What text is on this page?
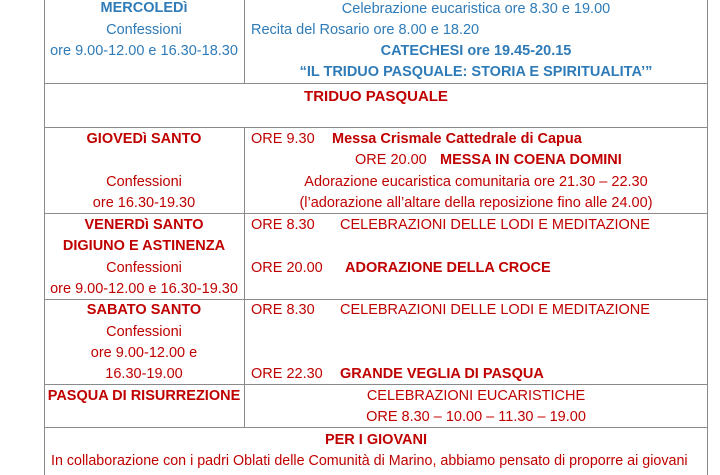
MERCOLEDì
Confessioni
ore 9.00-12.00 e 16.30-18.30
Celebrazione eucaristica ore 8.30 e 19.00
Recita del Rosario ore 8.00 e 18.20
CATECHESI ore 19.45-20.15
“IL TRIDUO PASQUALE: STORIA E SPIRITUALITA’”
TRIDUO PASQUALE
GIOVEDì SANTO
Confessioni
ore 16.30-19.30
ORE 9.30 Messa Crismale Cattedrale di Capua
ORE 20.00 MESSA IN COENA DOMINI
Adorazione eucaristica comunitaria ore 21.30 – 22.30
(l’adorazione all’altare della reposizione fino alle 24.00)
VENERDì SANTO
DIGIUNO E ASTINENZA
Confessioni
ore 9.00-12.00 e 16.30-19.30
ORE 8.30 CELEBRAZIONI DELLE LODI E MEDITAZIONE
ORE 20.00 ADORAZIONE DELLA CROCE
SABATO SANTO
Confessioni
ore 9.00-12.00 e
16.30-19.00
ORE 8.30 CELEBRAZIONI DELLE LODI E MEDITAZIONE
ORE 22.30 GRANDE VEGLIA DI PASQUA
PASQUA DI RISURREZIONE	CELEBRAZIONI EUCARISTICHE
ORE 8.30 – 10.00 – 11.30 – 19.00
PER I GIOVANI
In collaborazione con i padri Oblati delle Comunità di Marino, abbiamo pensato di proporre ai giovani
